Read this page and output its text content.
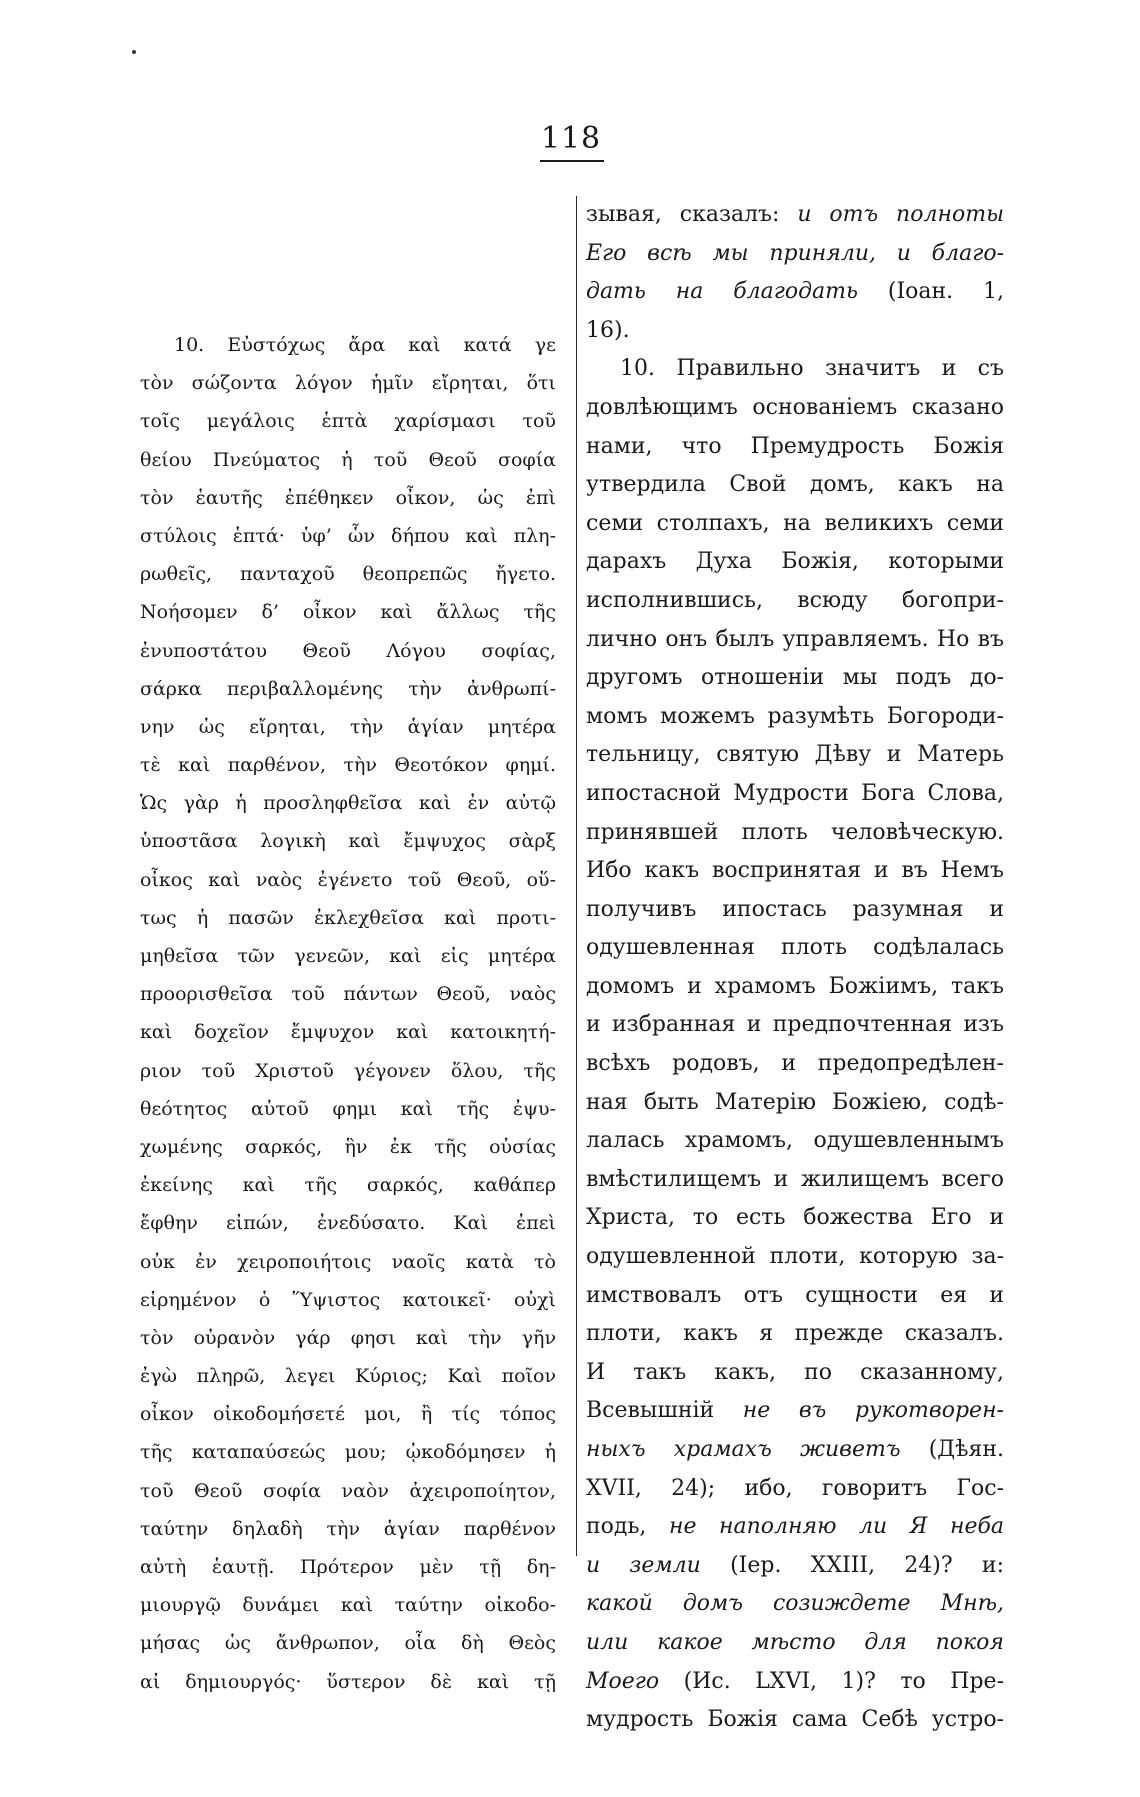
118
10. Εὐστόχως ἄρα καὶ κατά γε
τὸν σώζοντα λόγον ἡμῖν εἴρηται, ὅτι
τοῖς μεγάλοις ἑπτὰ χαρίσμασι τοῦ
θείου Πνεύματος ἡ τοῦ Θεοῦ σοφία
τὸν ἑαυτῆς ἐπέθηκεν οἶκον, ὡς ἐπὶ
στύλοις ἑπτά· ὑφ’ ὧν δήπου καὶ πλη-
ρωθεῖς, πανταχοῦ θεοπρεπῶς ἤγετο.
Νοήσομεν δ’ οἶκον καὶ ἄλλως τῆς
ἐνυποστάτου Θεοῦ Λόγου σοφίας,
σάρκα περιβαλλομένης τὴν ἀνθρωπί-
νην ὡς εἴρηται, τὴν ἁγίαν μητέρα
τὲ καὶ παρθένον, τὴν Θεοτόκον φημί.
Ὡς γὰρ ἡ προσληφθεῖσα καὶ ἐν αὐτῷ
ὑποστᾶσα λογικὴ καὶ ἔμψυχος σὰρξ
οἶκος καὶ ναὸς ἐγένετο τοῦ Θεοῦ, οὕ-
τως ἡ πασῶν ἐκλεχθεῖσα καὶ προτι-
μηθεῖσα τῶν γενεῶν, καὶ εἰς μητέρα
προορισθεῖσα τοῦ πάντων Θεοῦ, ναὸς
καὶ δοχεῖον ἔμψυχον καὶ κατοικητή-
ριον τοῦ Χριστοῦ γέγονεν ὅλου, τῆς
θεότητος αὐτοῦ φημι καὶ τῆς ἐψυ-
χωμένης σαρκός, ἣν ἐκ τῆς οὐσίας
ἐκείνης καὶ τῆς σαρκός, καθάπερ
ἔφθην εἰπών, ἐνεδύσατο. Καὶ ἐπεὶ
οὐκ ἐν χειροποιήτοις ναοῖς κατὰ τὸ
εἰρημένον ὁ Ὕψιστος κατοικεῖ· οὐχὶ
τὸν οὐρανὸν γάρ φησι καὶ τὴν γῆν
ἐγὼ πληρῶ, λεγει Κύριος; Καὶ ποῖον
οἶκον οἰκοδομήσετέ μοι, ἢ τίς τόπος
τῆς καταπαύσεώς μου; ᾠκοδόμησεν ἡ
τοῦ Θεοῦ σοφία ναὸν ἀχειροποίητον,
ταύτην δηλαδὴ τὴν ἁγίαν παρθένον
αὐτὴ ἑαυτῇ. Πρότερον μὲν τῇ δη-
μιουργῷ δυνάμει καὶ ταύτην οἰκοδο-
μήσας ὡς ἄνθρωπον, οἷα δὴ Θεὸς
αἰ δημιουργός· ὕστερον δὲ καὶ τῇ
зывая, сказалъ: и отъ полноты
Его всѣ мы приняли, и благо-
дать на благодать (Іоан. 1,
16).
10. Правильно значитъ и съ
довлѣющимъ основаніемъ сказано
нами, что Премудрость Божія
утвердила Свой домъ, какъ на
семи столпахъ, на великихъ семи
дарахъ Духа Божія, которыми
исполнившись, всюду богопри-
лично онъ былъ управляемъ. Но въ
другомъ отношеніи мы подъ до-
момъ можемъ разумѣть Богороди-
тельницу, святую Дѣву и Матерь
ипостасной Мудрости Бога Слова,
принявшей плоть человѣческую.
Ибо какъ воспринятая и въ Немъ
получивъ ипостась разумная и
одушевленная плоть содѣлалась
домомъ и храмомъ Божіимъ, такъ
и избранная и предпочтенная изъ
всѣхъ родовъ, и предопредѣлен-
ная быть Матерію Божіею, содѣ-
лалась храмомъ, одушевленнымъ
вмѣстилищемъ и жилищемъ всего
Христа, то есть божества Его и
одушевленной плоти, которую за-
имствовалъ отъ сущности ея и
плоти, какъ я прежде сказалъ.
И такъ какъ, по сказанному,
Всевышній не въ рукотворен-
ныхъ храмахъ живетъ (Дѣян.
XVII, 24); ибо, говоритъ Гос-
подь, не наполняю ли Я неба
и земли (Іер. XXIII, 24)? и:
какой домъ созиждете Мнѣ,
или какое мѣсто для покоя
Моего (Ис. LXVI, 1)? то Пре-
мудрость Божія сама Себѣ устро-
